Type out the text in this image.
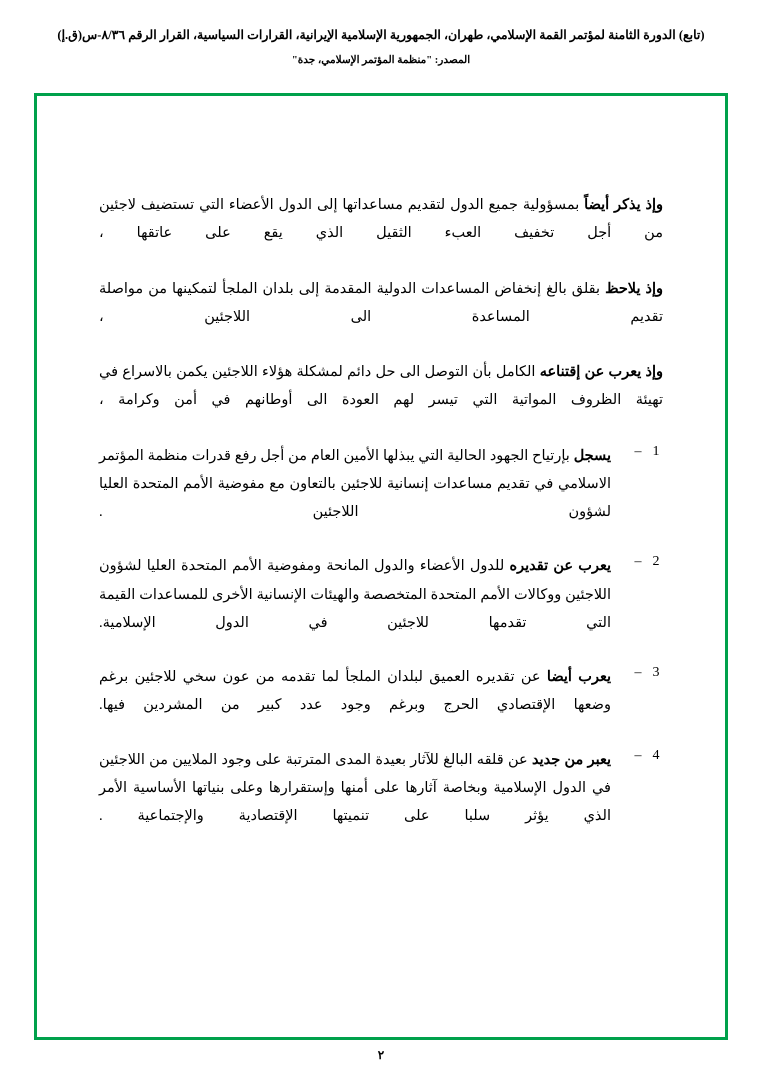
(تابع) الدورة الثامنة لمؤتمر القمة الإسلامي، طهران، الجمهورية الإسلامية الإيرانية، القرارات السياسية، القرار الرقم ٨/٣٦-س(ق.إ)
المصدر: "منظمة المؤتمر الإسلامي، جدة"
وإذ يذكر أيضاً بمسؤولية جميع الدول لتقديم مساعداتها إلى الدول الأعضاء التي تستضيف لاجئين من أجل تخفيف العبء الثقيل الذي يقع على عاتقها ،
وإذ يلاحظ بقلق بالغ إنخفاض المساعدات الدولية المقدمة إلى بلدان الملجأ لتمكينها من مواصلة تقديم المساعدة الى اللاجئين ،
وإذ يعرب عن إقتناعه الكامل بأن التوصل الى حل دائم لمشكلة هؤلاء اللاجئين يكمن بالاسراع في تهيئة الظروف المواتية التي تيسر لهم العودة الى أوطانهم في أمن وكرامة ،
1–
يسجل بإرتياح الجهود الحالية التي يبذلها الأمين العام من أجل رفع قدرات منظمة المؤتمر الاسلامي في تقديم مساعدات إنسانية للاجئين بالتعاون مع مفوضية الأمم المتحدة العليا لشؤون اللاجئين .
2–
يعرب عن تقديره للدول الأعضاء والدول المانحة ومفوضية الأمم المتحدة العليا لشؤون اللاجئين ووكالات الأمم المتحدة المتخصصة والهيئات الإنسانية الأخرى للمساعدات القيمة التي تقدمها للاجئين في الدول الإسلامية.
3–
يعرب أيضا عن تقديره العميق لبلدان الملجأ لما تقدمه من عون سخي للاجئين برغم وضعها الإقتصادي الحرج وبرغم وجود عدد كبير من المشردين فيها.
4–
يعبر من جديد عن قلقه البالغ للآثار بعيدة المدى المترتبة على وجود الملايين من اللاجئين في الدول الإسلامية وبخاصة آثارها على أمنها وإستقرارها وعلى بنياتها الأساسية الأمر الذي يؤثر سلبا على تنميتها الإقتصادية والإجتماعية .
٢
